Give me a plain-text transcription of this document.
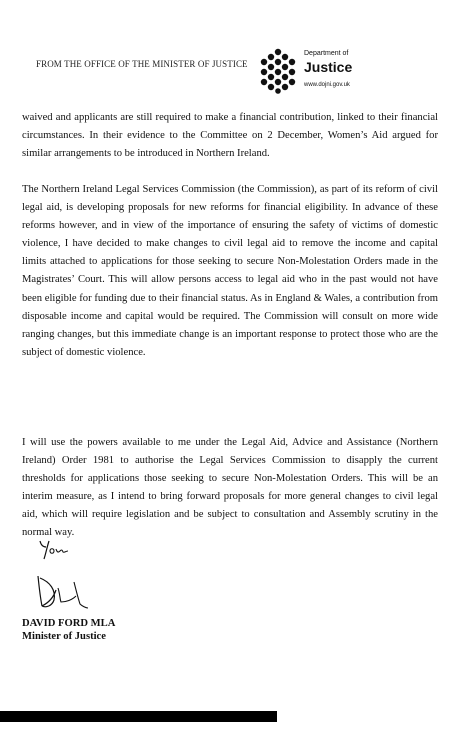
FROM THE OFFICE OF THE MINISTER OF JUSTICE
Department of
Justice
www.dojni.gov.uk

waived and applicants are still required to make a financial contribution, linked to their financial circumstances. In their evidence to the Committee on 2 December, Women’s Aid argued for similar arrangements to be introduced in Northern Ireland.

The Northern Ireland Legal Services Commission (the Commission), as part of its reform of civil legal aid, is developing proposals for new reforms for financial eligibility. In advance of these reforms however, and in view of the importance of ensuring the safety of victims of domestic violence, I have decided to make changes to civil legal aid to remove the income and capital limits attached to applications for those seeking to secure Non-Molestation Orders made in the Magistrates’ Court. This will allow persons access to legal aid who in the past would not have been eligible for funding due to their financial status. As in England & Wales, a contribution from disposable income and capital would be required. The Commission will consult on more wide ranging changes, but this immediate change is an important response to protect those who are the subject of domestic violence.

I will use the powers available to me under the Legal Aid, Advice and Assistance (Northern Ireland) Order 1981 to authorise the Legal Services Commission to disapply the current thresholds for applications those seeking to secure Non-Molestation Orders. This will be an interim measure, as I intend to bring forward proposals for more general changes to civil legal aid, which will require legislation and be subject to consultation and Assembly scrutiny in the normal way.

DAVID FORD MLA
Minister of Justice
